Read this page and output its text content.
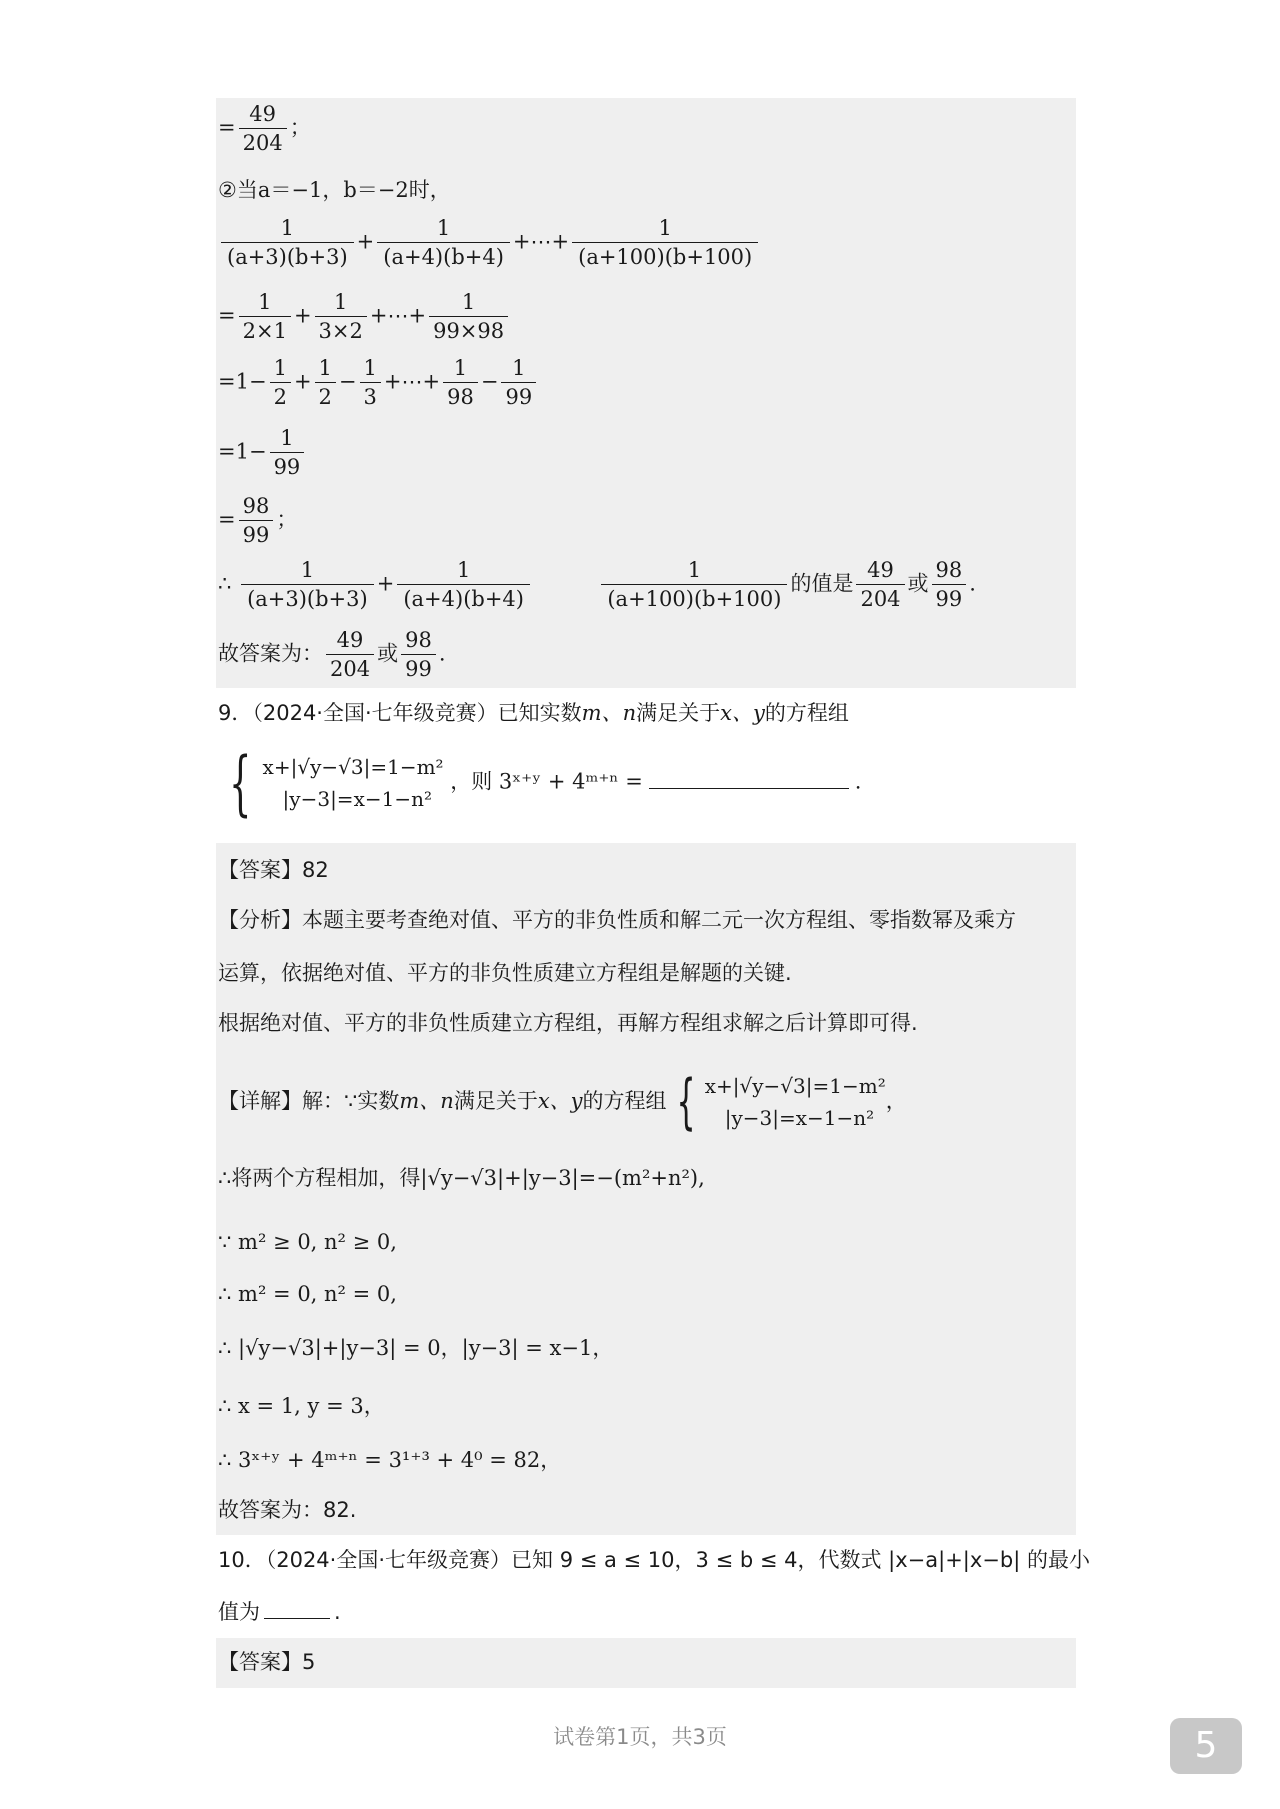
= $\frac{49}{204}$ ；
②当a＝−1，b＝−2时，
$\frac{1}{(a+3)(b+3)} + \frac{1}{(a+4)(b+4)}$ +⋯+ $\frac{1}{(a+100)(b+100)}$
= $\frac{1}{2\times 1} + \frac{1}{3\times 2}$ +⋯+ $\frac{1}{99\times 98}$
$=1- \frac{1}{2} + \frac{1}{2} - \frac{1}{3}$ +⋯+ $\frac{1}{98} - \frac{1}{99}$
$=1- \frac{1}{99}$
= $\frac{98}{99}$ ；
∴ $\frac{1}{(a+3)(b+3)} + \frac{1}{(a+4)(b+4)}$
	$\frac{1}{(a+100)(b+100)}$ 的值是 $\frac{49}{204}$ 或 $\frac{98}{99}$ .
故答案为： $\frac{49}{204}$ 或 $\frac{98}{99}$ .
9．（2024·全国·七年级竞赛）已知实数m、n满足关于x、y的方程组
{ x+|√y−√3|=1−m²
|y−3|=x−1−n²
，则 3ˣ⁺ʸ + 4ᵐ⁺ⁿ =	.
【答案】82
【分析】本题主要考查绝对值、平方的非负性质和解二元一次方程组、零指数幂及乘方
运算，依据绝对值、平方的非负性质建立方程组是解题的关键.
根据绝对值、平方的非负性质建立方程组，再解方程组求解之后计算即可得.
【详解】解：∵实数m、n满足关于x、y的方程组 { x+|√y−√3|=1−m²
|y−3|=x−1−n²
，
∴将两个方程相加，得|√y−√3|+|y−3|=−(m²+n²),
∵ m² ≥ 0, n² ≥ 0,
∴ m² = 0, n² = 0,
∴ |√y−√3|+|y−3| = 0，|y−3| = x−1，
∴ x = 1, y = 3，
∴ 3ˣ⁺ʸ + 4ᵐ⁺ⁿ = 3¹⁺³ + 4⁰ = 82，
故答案为：82.
10．（2024·全国·七年级竞赛）已知 9 ≤ a ≤ 10，3 ≤ b ≤ 4，代数式 |x−a|+|x−b| 的最小
值为	.
【答案】5
试卷第1页，共3页	5
